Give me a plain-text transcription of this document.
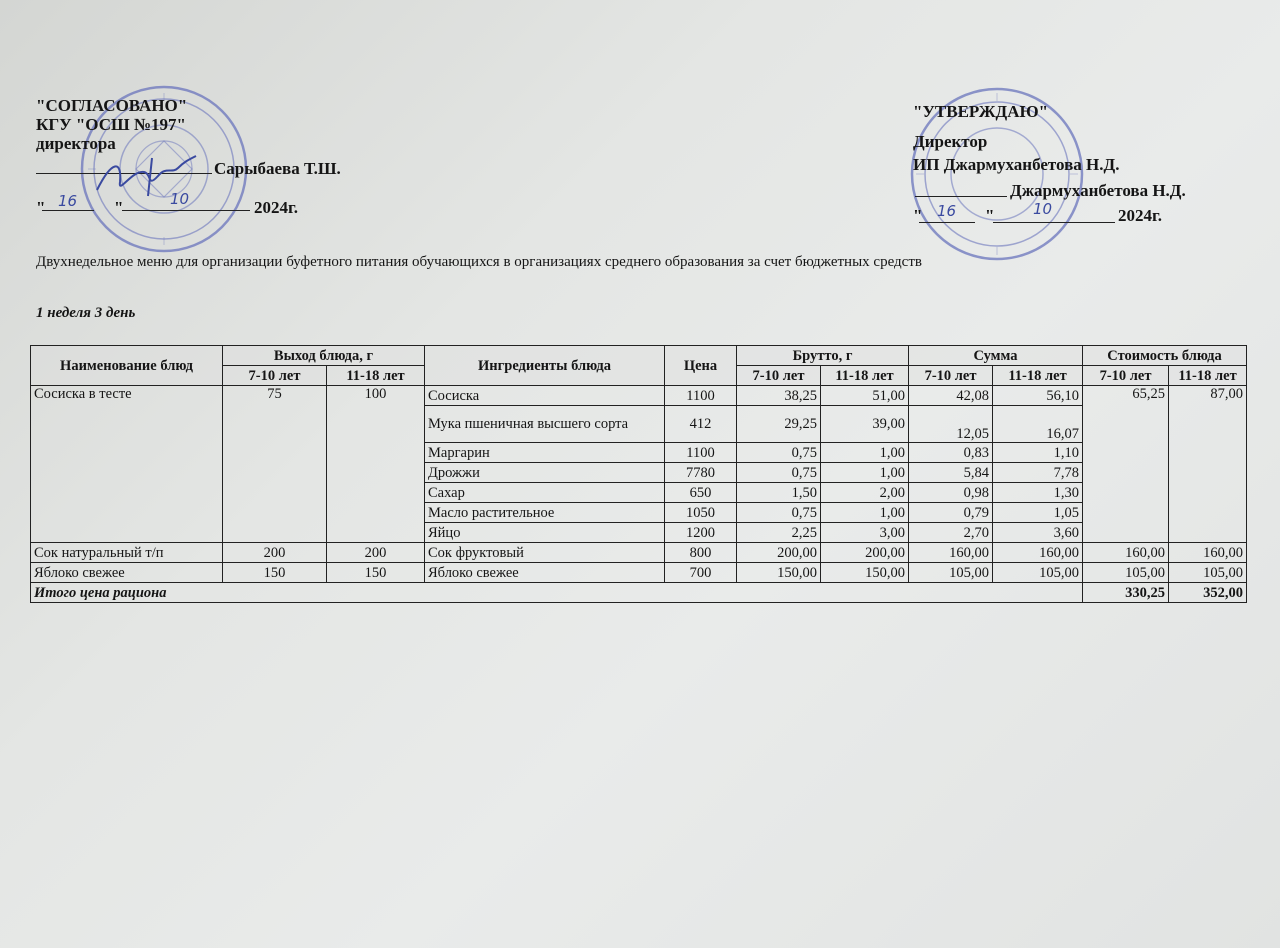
"СОГЛАСОВАНО"
КГУ "ОСШ №197"
директора
Сарыбаева Т.Ш.
"	"	2024г.
16	10
"УТВЕРЖДАЮ"
Директор
ИП Джармуханбетова Н.Д.
Джармуханбетова Н.Д.
"	"	2024г.
16	10
Двухнедельное меню для организации буфетного питания обучающихся в организациях среднего образования за счет бюджетных средств
1 неделя 3 день
Наименование блюд	Выход блюда, г		Ингредиенты блюда	Цена	Брутто, г		Сумма		Стоимость блюда	
	7-10 лет	11-18 лет			7-10 лет	11-18 лет	7-10 лет	11-18 лет	7-10 лет	11-18 лет
Сосиска в тесте	75	100	Сосиска	1100	38,25	51,00	42,08	56,10	65,25	87,00
			Мука пшеничная высшего сорта	412	29,25	39,00	12,05	16,07		
			Маргарин	1100	0,75	1,00	0,83	1,10		
			Дрожжи	7780	0,75	1,00	5,84	7,78		
			Сахар	650	1,50	2,00	0,98	1,30		
			Масло растительное	1050	0,75	1,00	0,79	1,05		
			Яйцо	1200	2,25	3,00	2,70	3,60		
Сок натуральный т/п	200	200	Сок фруктовый	800	200,00	200,00	160,00	160,00	160,00	160,00
Яблоко свежее	150	150	Яблоко свежее	700	150,00	150,00	105,00	105,00	105,00	105,00
Итого цена рациона									330,25	352,00
